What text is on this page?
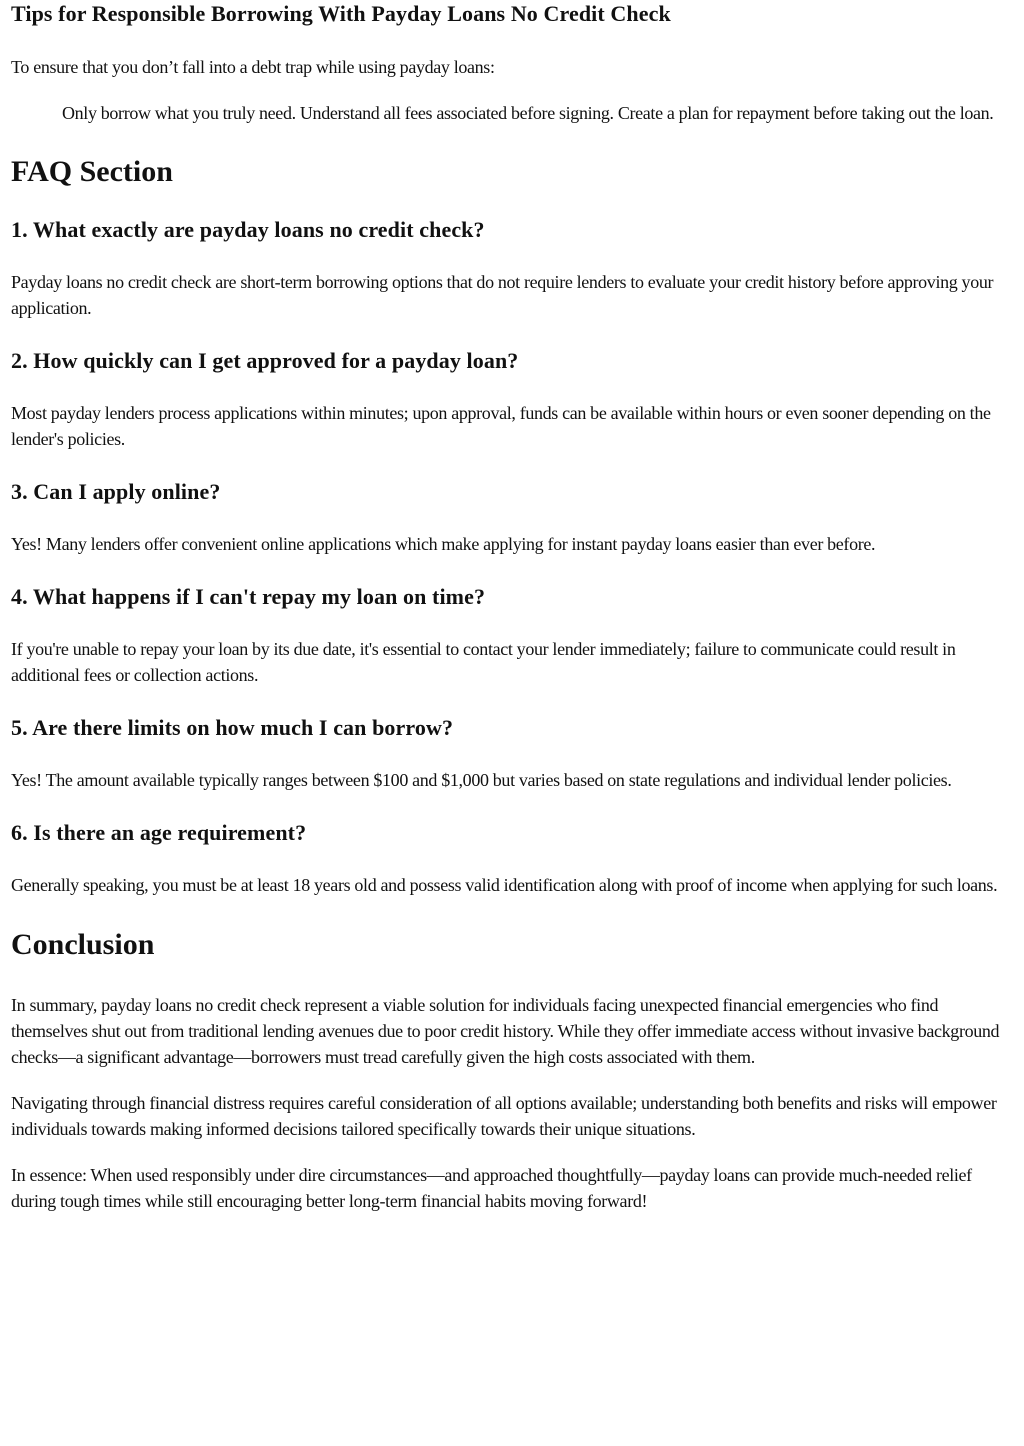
Tips for Responsible Borrowing With Payday Loans No Credit Check

To ensure that you don’t fall into a debt trap while using payday loans:

Only borrow what you truly need. Understand all fees associated before signing. Create a plan for repayment before taking out the loan.
FAQ Section
1. What exactly are payday loans no credit check?

Payday loans no credit check are short-term borrowing options that do not require lenders to evaluate your credit history before approving your application.

2. How quickly can I get approved for a payday loan?

Most payday lenders process applications within minutes; upon approval, funds can be available within hours or even sooner depending on the lender's policies.

3. Can I apply online?

Yes! Many lenders offer convenient online applications which make applying for instant payday loans easier than ever before.

4. What happens if I can't repay my loan on time?

If you're unable to repay your loan by its due date, it's essential to contact your lender immediately; failure to communicate could result in additional fees or collection actions.

5. Are there limits on how much I can borrow?

Yes! The amount available typically ranges between $100 and $1,000 but varies based on state regulations and individual lender policies.

6. Is there an age requirement?

Generally speaking, you must be at least 18 years old and possess valid identification along with proof of income when applying for such loans.

Conclusion

In summary, payday loans no credit check represent a viable solution for individuals facing unexpected financial emergencies who find themselves shut out from traditional lending avenues due to poor credit history. While they offer immediate access without invasive background checks—a significant advantage—borrowers must tread carefully given the high costs associated with them.

Navigating through financial distress requires careful consideration of all options available; understanding both benefits and risks will empower individuals towards making informed decisions tailored specifically towards their unique situations.

In essence: When used responsibly under dire circumstances—and approached thoughtfully—payday loans can provide much-needed relief during tough times while still encouraging better long-term financial habits moving forward!
